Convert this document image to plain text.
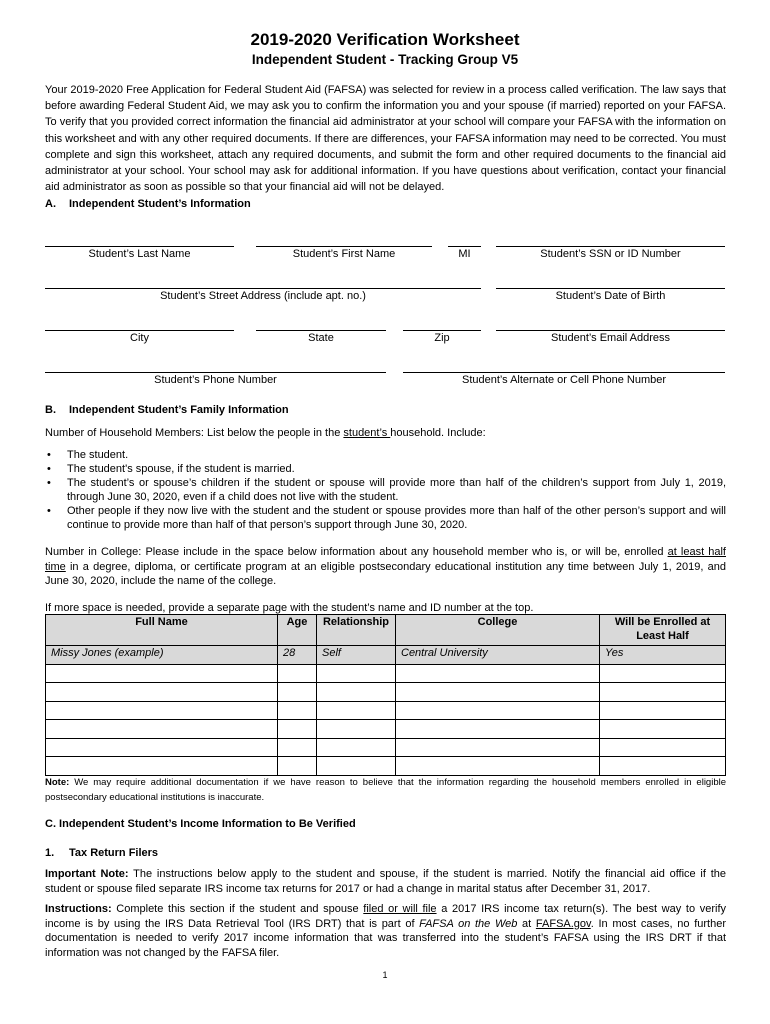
2019-2020 Verification Worksheet
Independent Student - Tracking Group V5
Your 2019-2020 Free Application for Federal Student Aid (FAFSA) was selected for review in a process called verification. The law says that before awarding Federal Student Aid, we may ask you to confirm the information you and your spouse (if married) reported on your FAFSA. To verify that you provided correct information the financial aid administrator at your school will compare your FAFSA with the information on this worksheet and with any other required documents. If there are differences, your FAFSA information may need to be corrected. You must complete and sign this worksheet, attach any required documents, and submit the form and other required documents to the financial aid administrator at your school. Your school may ask for additional information. If you have questions about verification, contact your financial aid administrator as soon as possible so that your financial aid will not be delayed.
A. Independent Student’s Information
Student’s Last Name	Student’s First Name	MI	Student’s SSN or ID Number
Student’s Street Address (include apt. no.)	Student’s Date of Birth
City	State	Zip	Student’s Email Address
Student’s Phone Number	Student’s Alternate or Cell Phone Number
B. Independent Student’s Family Information
Number of Household Members: List below the people in the student’s household. Include:
• The student.
• The student's spouse, if the student is married.
• The student’s or spouse’s children if the student or spouse will provide more than half of the children’s support from July 1, 2019, through June 30, 2020, even if a child does not live with the student.
• Other people if they now live with the student and the student or spouse provides more than half of the other person’s support and will continue to provide more than half of that person’s support through June 30, 2020.
Number in College: Please include in the space below information about any household member who is, or will be, enrolled at least half time in a degree, diploma, or certificate program at an eligible postsecondary educational institution any time between July 1, 2019, and June 30, 2020, include the name of the college.
If more space is needed, provide a separate page with the student’s name and ID number at the top.
Full Name	Age	Relationship	College	Will be Enrolled at Least Half
Missy Jones (example)	28	Self	Central University	Yes

Note: We may require additional documentation if we have reason to believe that the information regarding the household members enrolled in eligible postsecondary educational institutions is inaccurate.
C. Independent Student’s Income Information to Be Verified
1. Tax Return Filers
Important Note: The instructions below apply to the student and spouse, if the student is married. Notify the financial aid office if the student or spouse filed separate IRS income tax returns for 2017 or had a change in marital status after December 31, 2017.
Instructions: Complete this section if the student and spouse filed or will file a 2017 IRS income tax return(s). The best way to verify income is by using the IRS Data Retrieval Tool (IRS DRT) that is part of FAFSA on the Web at FAFSA.gov. In most cases, no further documentation is needed to verify 2017 income information that was transferred into the student’s FAFSA using the IRS DRT if that information was not changed by the FAFSA filer.
1
